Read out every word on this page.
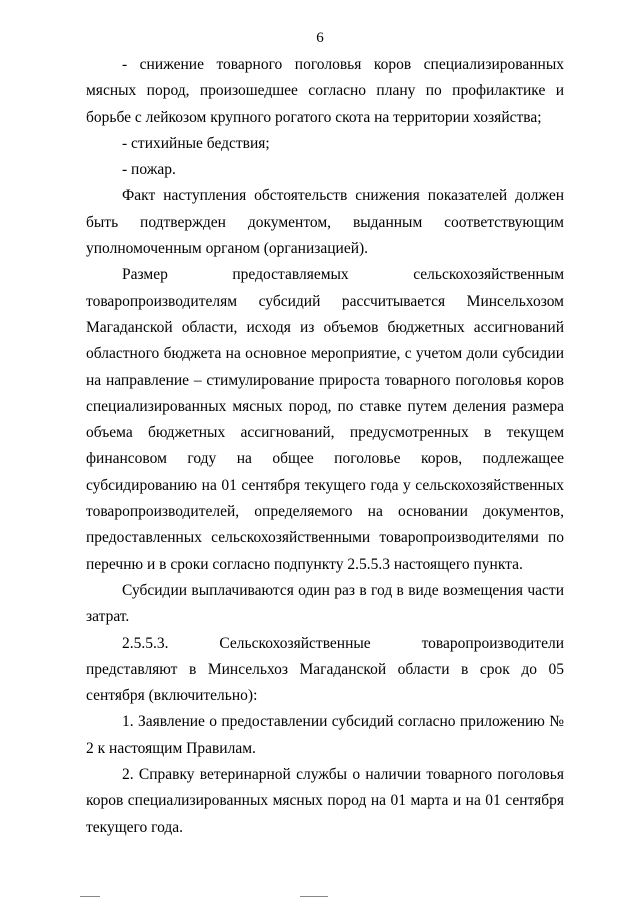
6

- снижение товарного поголовья коров специализированных мясных пород, произошедшее согласно плану по профилактике и борьбе с лейкозом крупного рогатого скота на территории хозяйства;

- стихийные бедствия;

- пожар.

Факт наступления обстоятельств снижения показателей должен быть подтвержден документом, выданным соответствующим уполномоченным органом (организацией).

Размер предоставляемых сельскохозяйственным товаропроизводителям субсидий рассчитывается Минсельхозом Магаданской области, исходя из объемов бюджетных ассигнований областного бюджета на основное мероприятие, с учетом доли субсидии на направление – стимулирование прироста товарного поголовья коров специализированных мясных пород, по ставке путем деления размера объема бюджетных ассигнований, предусмотренных в текущем финансовом году на общее поголовье коров, подлежащее субсидированию на 01 сентября текущего года у сельскохозяйственных товаропроизводителей, определяемого на основании документов, предоставленных сельскохозяйственными товаропроизводителями по перечню и в сроки согласно подпункту 2.5.5.3 настоящего пункта.

Субсидии выплачиваются один раз в год в виде возмещения части затрат.

2.5.5.3. Сельскохозяйственные товаропроизводители представляют в Минсельхоз Магаданской области в срок до 05 сентября (включительно):

1. Заявление о предоставлении субсидий согласно приложению № 2 к настоящим Правилам.

2. Справку ветеринарной службы о наличии товарного поголовья коров специализированных мясных пород на 01 марта и на 01 сентября текущего года.
